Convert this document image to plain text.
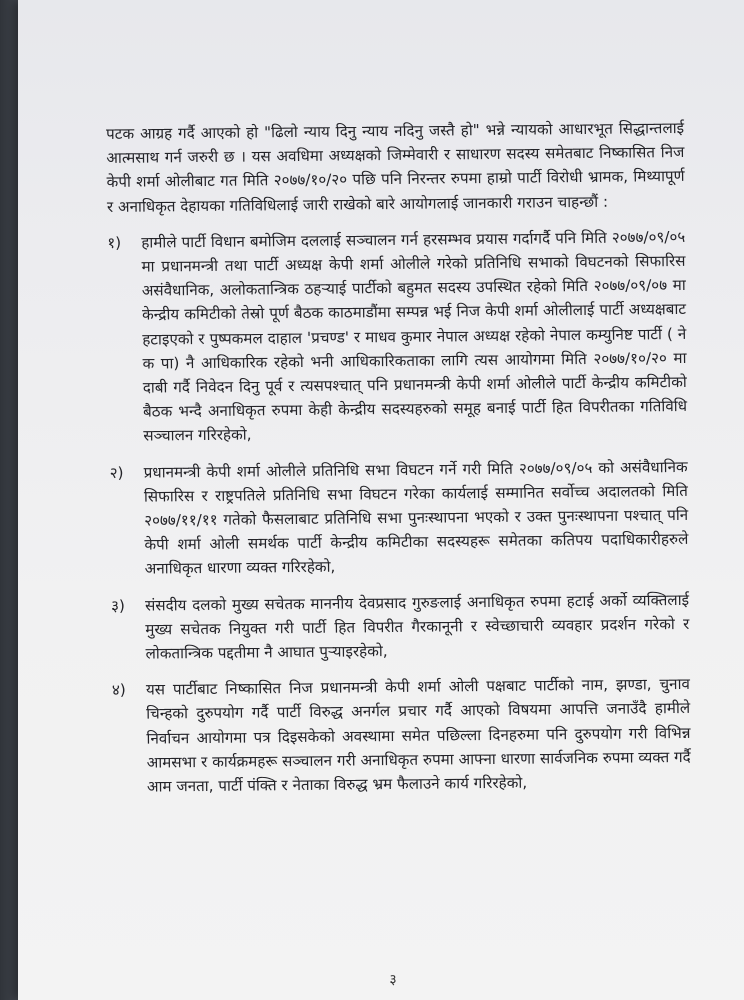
पटक आग्रह गर्दै आएको हो "ढिलो न्याय दिनु न्याय नदिनु जस्तै हो" भन्ने न्यायको आधारभूत सिद्धान्तलाई आत्मसाथ गर्न जरुरी छ । यस अवधिमा अध्यक्षको जिम्मेवारी र साधारण सदस्य समेतबाट निष्कासित निज केपी शर्मा ओलीबाट गत मिति २०७७/१०/२० पछि पनि निरन्तर रुपमा हाम्रो पार्टी विरोधी भ्रामक, मिथ्यापूर्ण र अनाधिकृत देहायका गतिविधिलाई जारी राखेको बारे आयोगलाई जानकारी गराउन चाहन्छौं :

१)	हामीले पार्टी विधान बमोजिम दललाई सञ्चालन गर्न हरसम्भव प्रयास गर्दागर्दै पनि मिति २०७७/०९/०५ मा प्रधानमन्त्री तथा पार्टी अध्यक्ष केपी शर्मा ओलीले गरेको प्रतिनिधि सभाको विघटनको सिफारिस असंवैधानिक, अलोकतान्त्रिक ठहऱ्याई पार्टीको बहुमत सदस्य उपस्थित रहेको मिति २०७७/०९/०७ मा केन्द्रीय कमिटीको तेस्रो पूर्ण बैठक काठमाडौंमा सम्पन्न भई निज केपी शर्मा ओलीलाई पार्टी अध्यक्षबाट हटाइएको र पुष्पकमल दाहाल 'प्रचण्ड' र माधव कुमार नेपाल अध्यक्ष रहेको नेपाल कम्युनिष्ट पार्टी ( ने क पा) नै आधिकारिक रहेको भनी आधिकारिकताका लागि त्यस आयोगमा मिति २०७७/१०/२० मा दाबी गर्दै निवेदन दिनु पूर्व र त्यसपश्चात् पनि प्रधानमन्त्री केपी शर्मा ओलीले पार्टी केन्द्रीय कमिटीको बैठक भन्दै अनाधिकृत रुपमा केही केन्द्रीय सदस्यहरुको समूह बनाई पार्टी हित विपरीतका गतिविधि सञ्चालन गरिरहेको,
२)	प्रधानमन्त्री केपी शर्मा ओलीले प्रतिनिधि सभा विघटन गर्ने गरी मिति २०७७/०९/०५ को असंवैधानिक सिफारिस र राष्ट्रपतिले प्रतिनिधि सभा विघटन गरेका कार्यलाई सम्मानित सर्वोच्च अदालतको मिति २०७७/११/११ गतेको फैसलाबाट प्रतिनिधि सभा पुनःस्थापना भएको र उक्त पुनःस्थापना पश्चात् पनि केपी शर्मा ओली समर्थक पार्टी केन्द्रीय कमिटीका सदस्यहरू समेतका कतिपय पदाधिकारीहरुले अनाधिकृत धारणा व्यक्त गरिरहेको,
३)	संसदीय दलको मुख्य सचेतक माननीय देवप्रसाद गुरुङलाई अनाधिकृत रुपमा हटाई अर्को व्यक्तिलाई मुख्य सचेतक नियुक्त गरी पार्टी हित विपरीत गैरकानूनी र स्वेच्छाचारी व्यवहार प्रदर्शन गरेको र लोकतान्त्रिक पद्दतीमा नै आघात पुऱ्याइरहेको,
४)	यस पार्टीबाट निष्कासित निज प्रधानमन्त्री केपी शर्मा ओली पक्षबाट पार्टीको नाम, झण्डा, चुनाव चिन्हको दुरुपयोग गर्दै पार्टी विरुद्ध अनर्गल प्रचार गर्दै आएको विषयमा आपत्ति जनाउँदै हामीले निर्वाचन आयोगमा पत्र दिइसकेको अवस्थामा समेत पछिल्ला दिनहरुमा पनि दुरुपयोग गरी विभिन्न आमसभा र कार्यक्रमहरू सञ्चालन गरी अनाधिकृत रुपमा आफ्ना धारणा सार्वजनिक रुपमा व्यक्त गर्दै आम जनता, पार्टी पंक्ति र नेताका विरुद्ध भ्रम फैलाउने कार्य गरिरहेको,
३
